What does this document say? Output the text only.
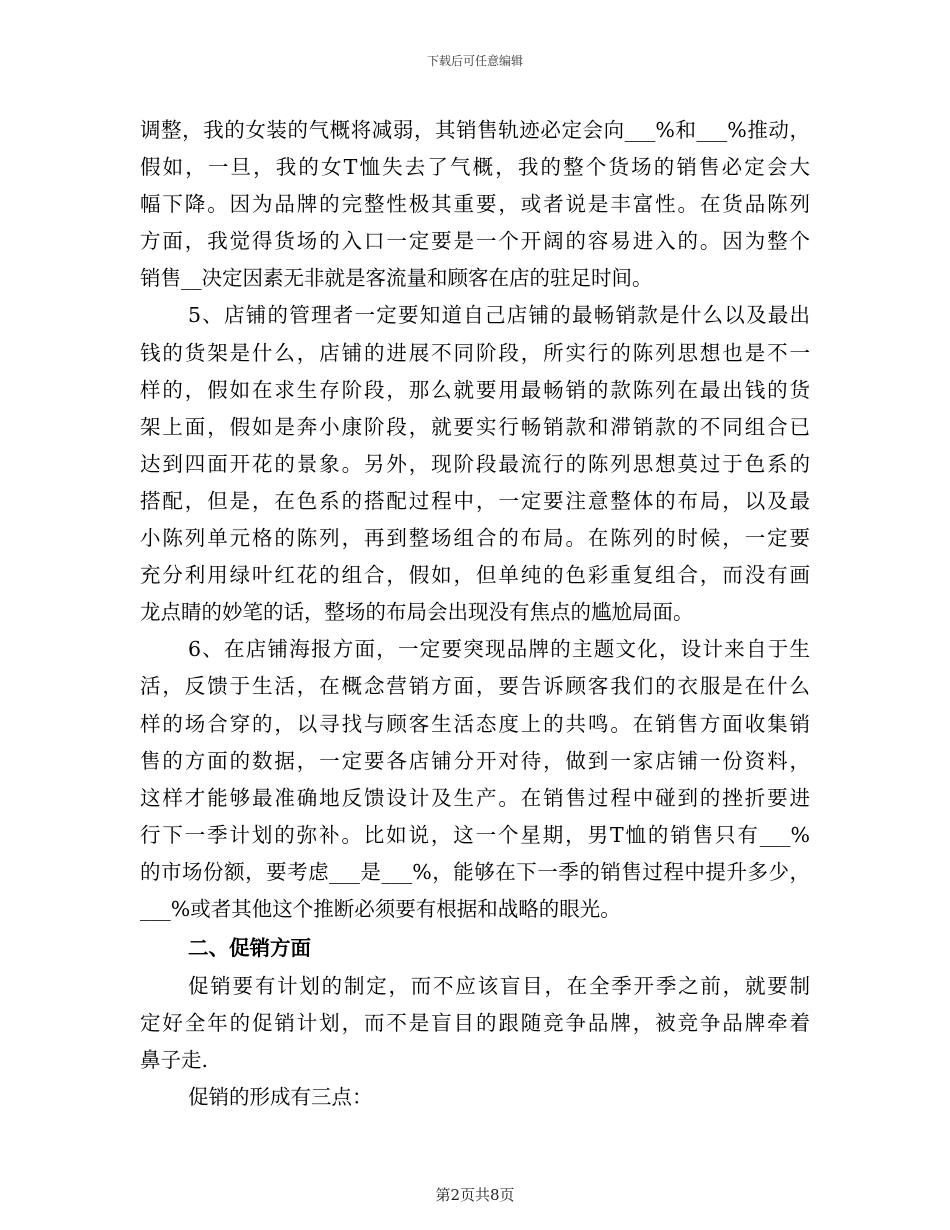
下载后可任意编辑
调整，我的女装的气概将减弱，其销售轨迹必定会向___%和___%推动，
假如，一旦，我的女T恤失去了气概，我的整个货场的销售必定会大
幅下降。因为品牌的完整性极其重要，或者说是丰富性。在货品陈列
方面，我觉得货场的入口一定要是一个开阔的容易进入的。因为整个
销售__决定因素无非就是客流量和顾客在店的驻足时间。
5、店铺的管理者一定要知道自己店铺的最畅销款是什么以及最出
钱的货架是什么，店铺的进展不同阶段，所实行的陈列思想也是不一
样的，假如在求生存阶段，那么就要用最畅销的款陈列在最出钱的货
架上面，假如是奔小康阶段，就要实行畅销款和滞销款的不同组合已
达到四面开花的景象。另外，现阶段最流行的陈列思想莫过于色系的
搭配，但是，在色系的搭配过程中，一定要注意整体的布局，以及最
小陈列单元格的陈列，再到整场组合的布局。在陈列的时候，一定要
充分利用绿叶红花的组合，假如，但单纯的色彩重复组合，而没有画
龙点睛的妙笔的话，整场的布局会出现没有焦点的尴尬局面。
6、在店铺海报方面，一定要突现品牌的主题文化，设计来自于生
活，反馈于生活，在概念营销方面，要告诉顾客我们的衣服是在什么
样的场合穿的，以寻找与顾客生活态度上的共鸣。在销售方面收集销
售的方面的数据，一定要各店铺分开对待，做到一家店铺一份资料，
这样才能够最准确地反馈设计及生产。在销售过程中碰到的挫折要进
行下一季计划的弥补。比如说，这一个星期，男T恤的销售只有___%
的市场份额，要考虑___是___%，能够在下一季的销售过程中提升多少，
___%或者其他这个推断必须要有根据和战略的眼光。
二、促销方面
促销要有计划的制定，而不应该盲目，在全季开季之前，就要制
定好全年的促销计划，而不是盲目的跟随竞争品牌，被竞争品牌牵着
鼻子走.
促销的形成有三点：
第2页共8页
